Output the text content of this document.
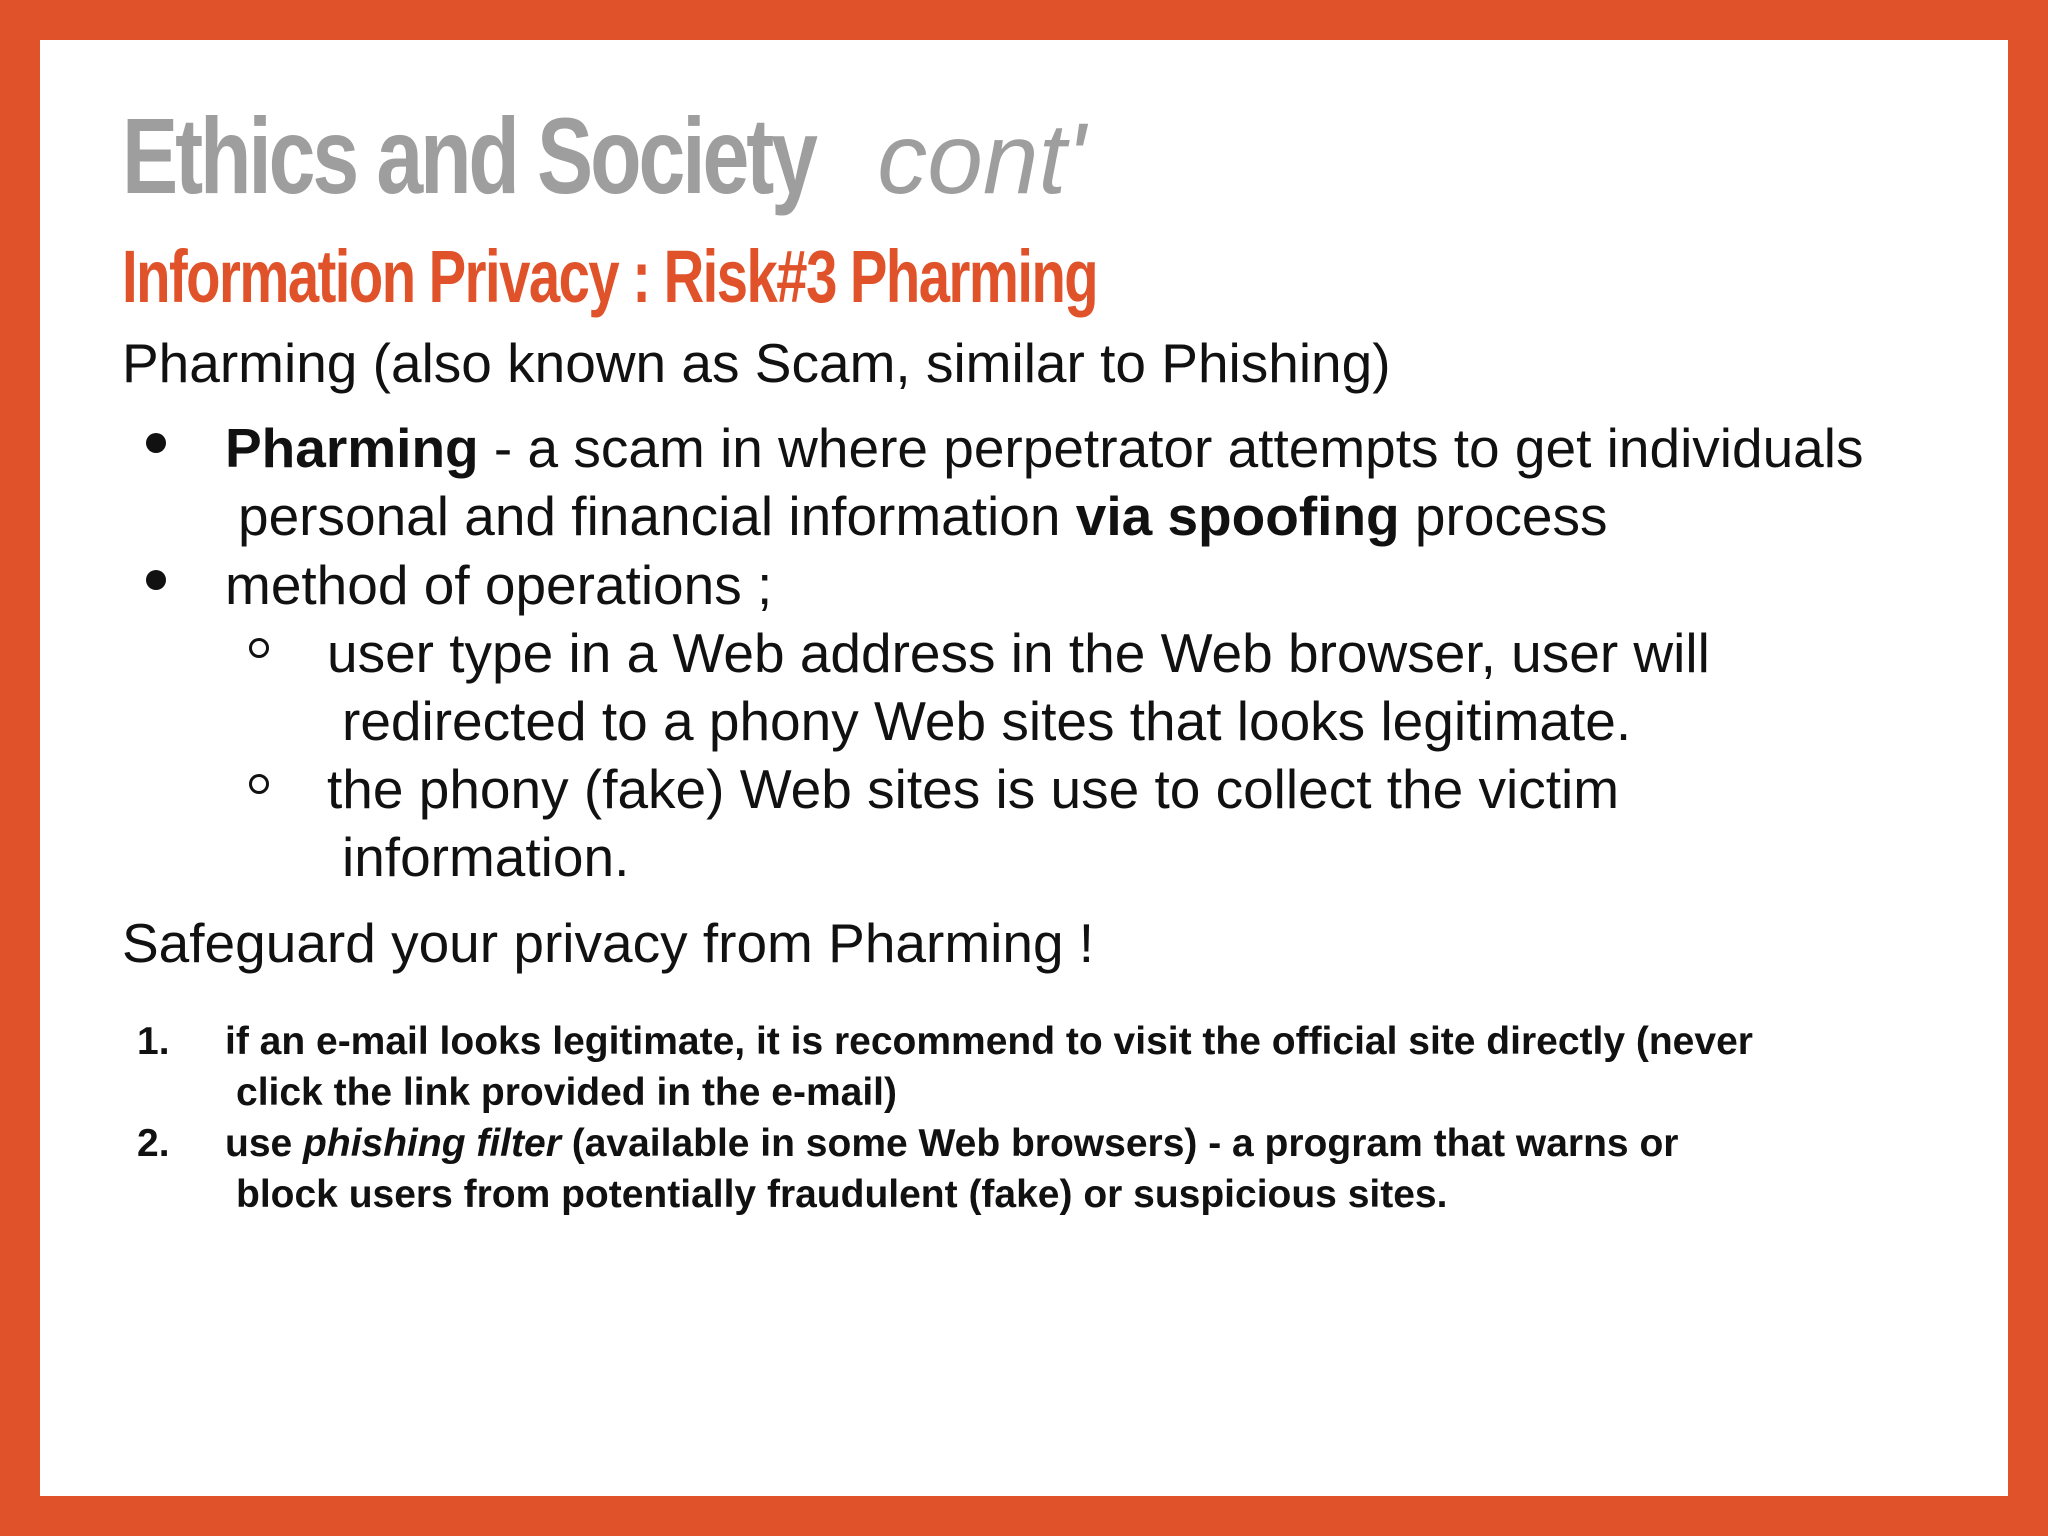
Ethics and Society cont'
Information Privacy : Risk#3 Pharming
Pharming (also known as Scam, similar to Phishing)
Pharming - a scam in where perpetrator attempts to get individuals
personal and financial information via spoofing process
method of operations ;
user type in a Web address in the Web browser, user will
redirected to a phony Web sites that looks legitimate.
the phony (fake) Web sites is use to collect the victim
information.
Safeguard your privacy from Pharming !
1. if an e-mail looks legitimate, it is recommend to visit the official site directly (never
click the link provided in the e-mail)
2. use phishing filter (available in some Web browsers) - a program that warns or
block users from potentially fraudulent (fake) or suspicious sites.
